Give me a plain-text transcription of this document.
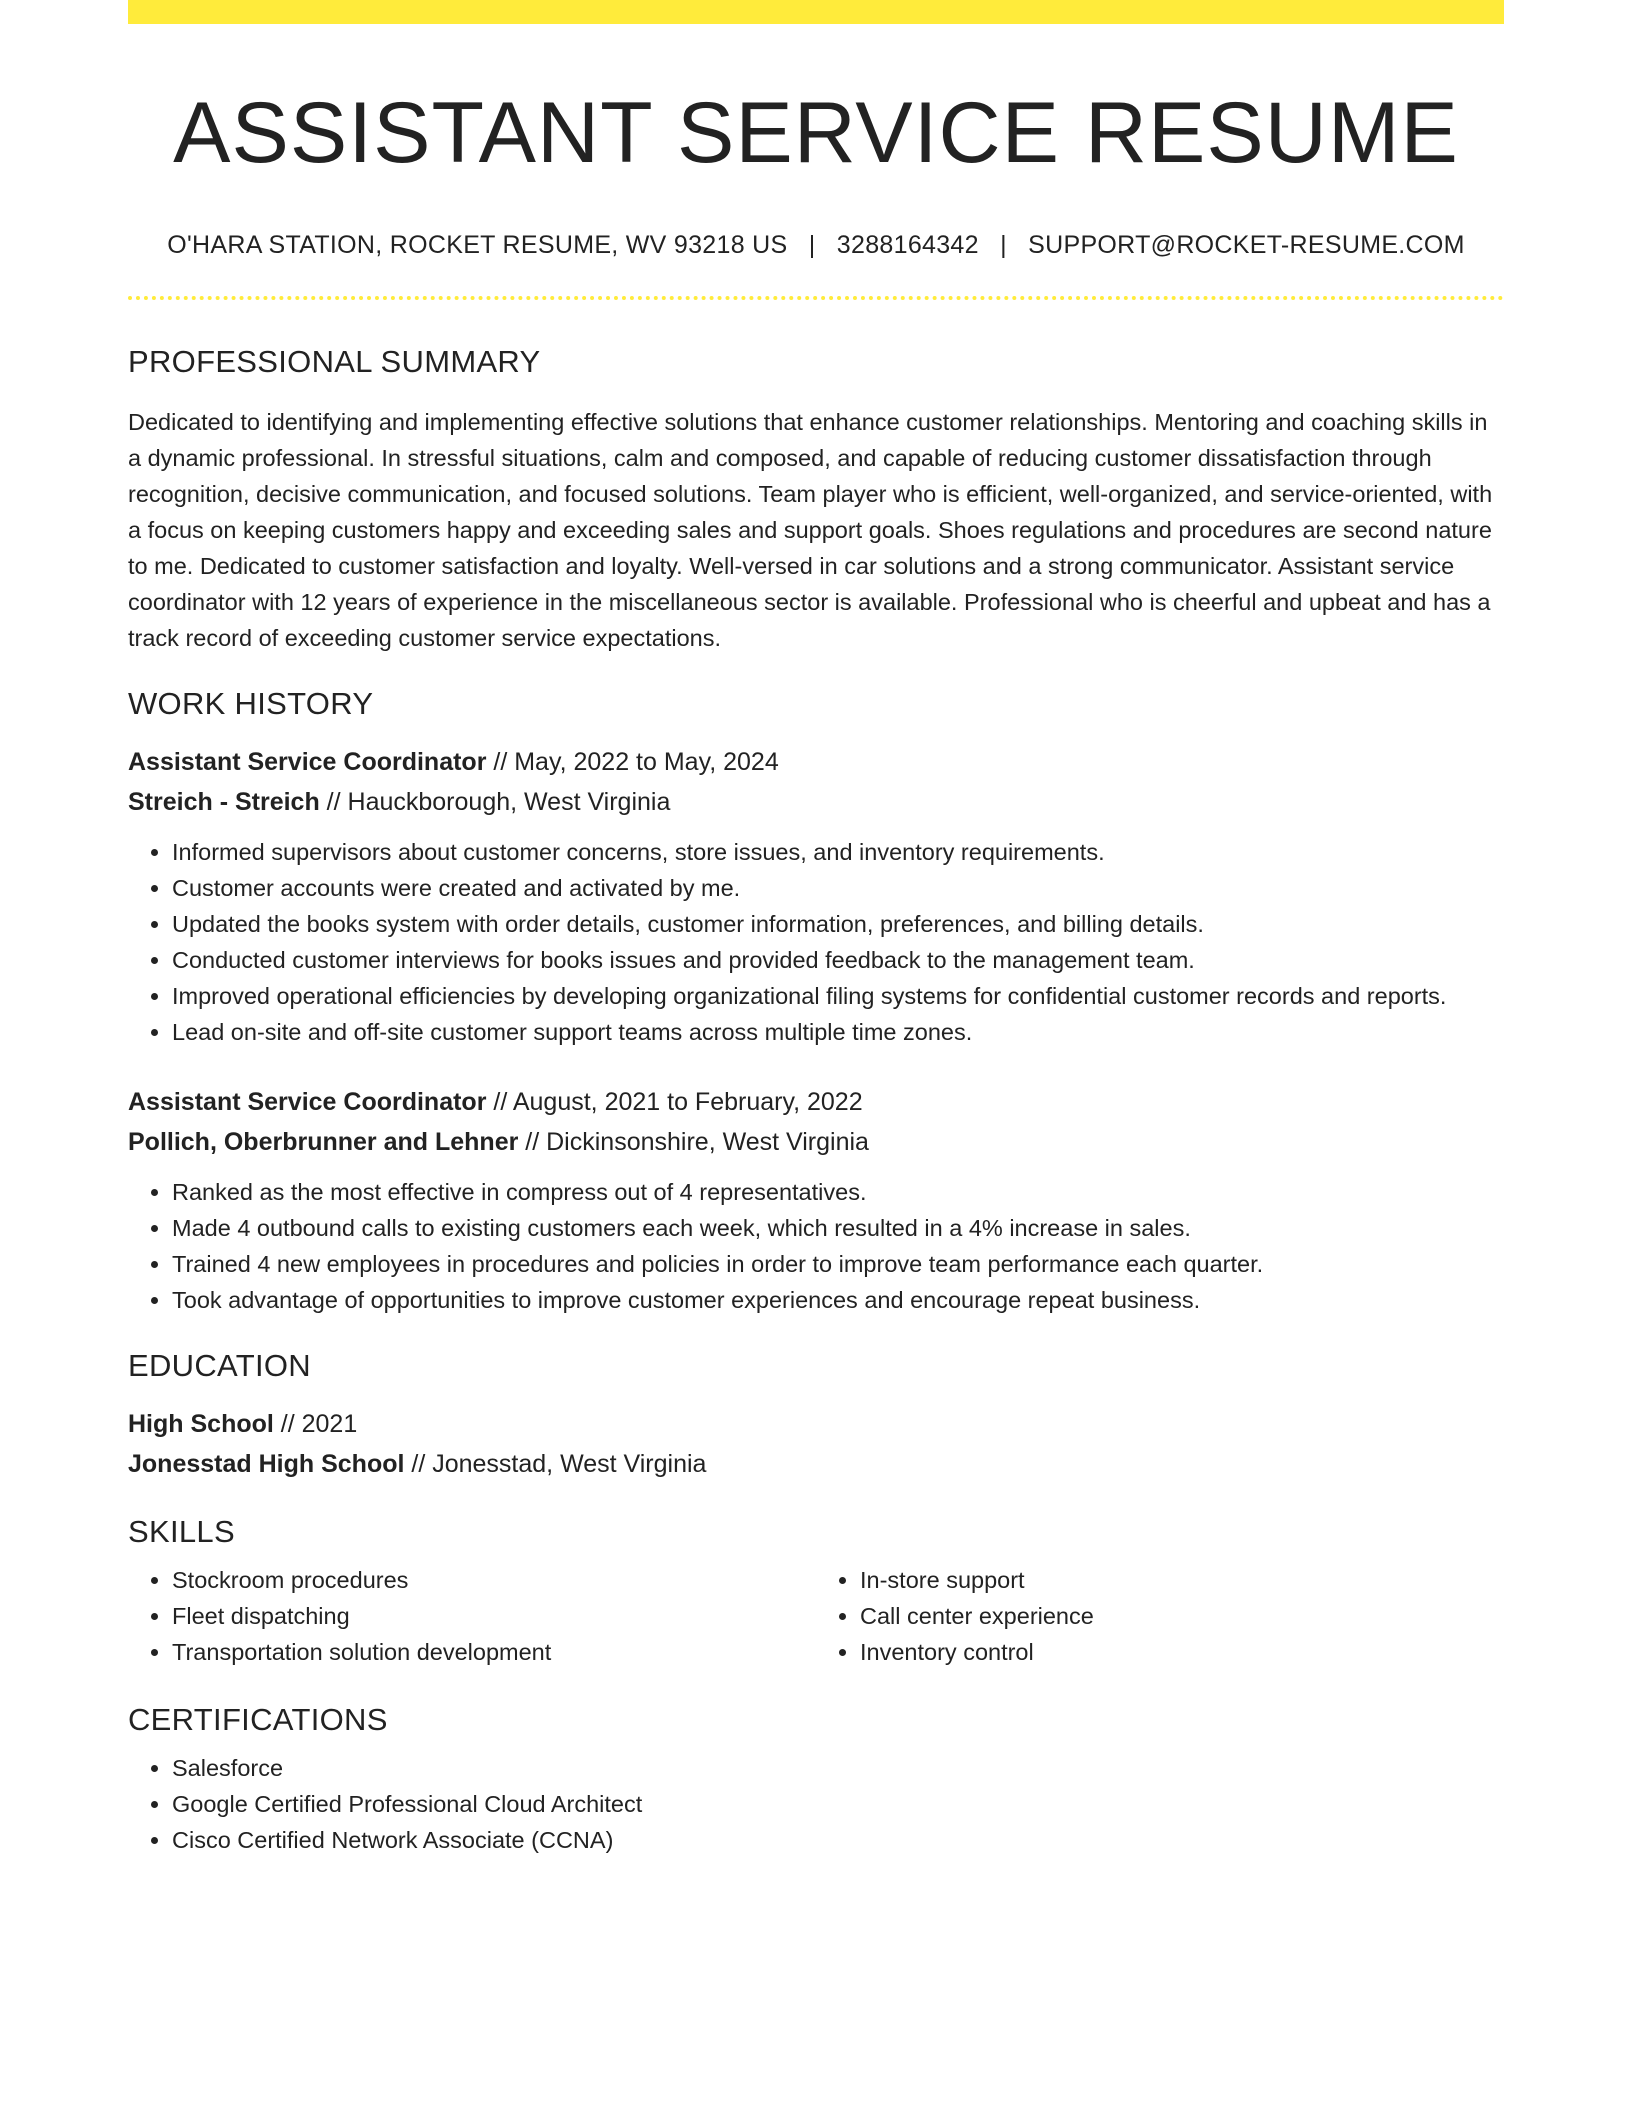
ASSISTANT SERVICE RESUME
O'HARA STATION, ROCKET RESUME, WV 93218 US | 3288164342 | SUPPORT@ROCKET-RESUME.COM
PROFESSIONAL SUMMARY

Dedicated to identifying and implementing effective solutions that enhance customer relationships. Mentoring and coaching skills in a dynamic professional. In stressful situations, calm and composed, and capable of reducing customer dissatisfaction through recognition, decisive communication, and focused solutions. Team player who is efficient, well-organized, and service-oriented, with a focus on keeping customers happy and exceeding sales and support goals. Shoes regulations and procedures are second nature to me. Dedicated to customer satisfaction and loyalty. Well-versed in car solutions and a strong communicator. Assistant service coordinator with 12 years of experience in the miscellaneous sector is available. Professional who is cheerful and upbeat and has a track record of exceeding customer service expectations.

WORK HISTORY
Assistant Service Coordinator // May, 2022 to May, 2024
Streich - Streich // Hauckborough, West Virginia
• Informed supervisors about customer concerns, store issues, and inventory requirements.
• Customer accounts were created and activated by me.
• Updated the books system with order details, customer information, preferences, and billing details.
• Conducted customer interviews for books issues and provided feedback to the management team.
• Improved operational efficiencies by developing organizational filing systems for confidential customer records and reports.
• Lead on-site and off-site customer support teams across multiple time zones.
Assistant Service Coordinator // August, 2021 to February, 2022
Pollich, Oberbrunner and Lehner // Dickinsonshire, West Virginia
• Ranked as the most effective in compress out of 4 representatives.
• Made 4 outbound calls to existing customers each week, which resulted in a 4% increase in sales.
• Trained 4 new employees in procedures and policies in order to improve team performance each quarter.
• Took advantage of opportunities to improve customer experiences and encourage repeat business.
EDUCATION
High School // 2021
Jonesstad High School // Jonesstad, West Virginia
SKILLS
• Stockroom procedures
• Fleet dispatching
• Transportation solution development
• In-store support
• Call center experience
• Inventory control
CERTIFICATIONS
• Salesforce
• Google Certified Professional Cloud Architect
• Cisco Certified Network Associate (CCNA)
